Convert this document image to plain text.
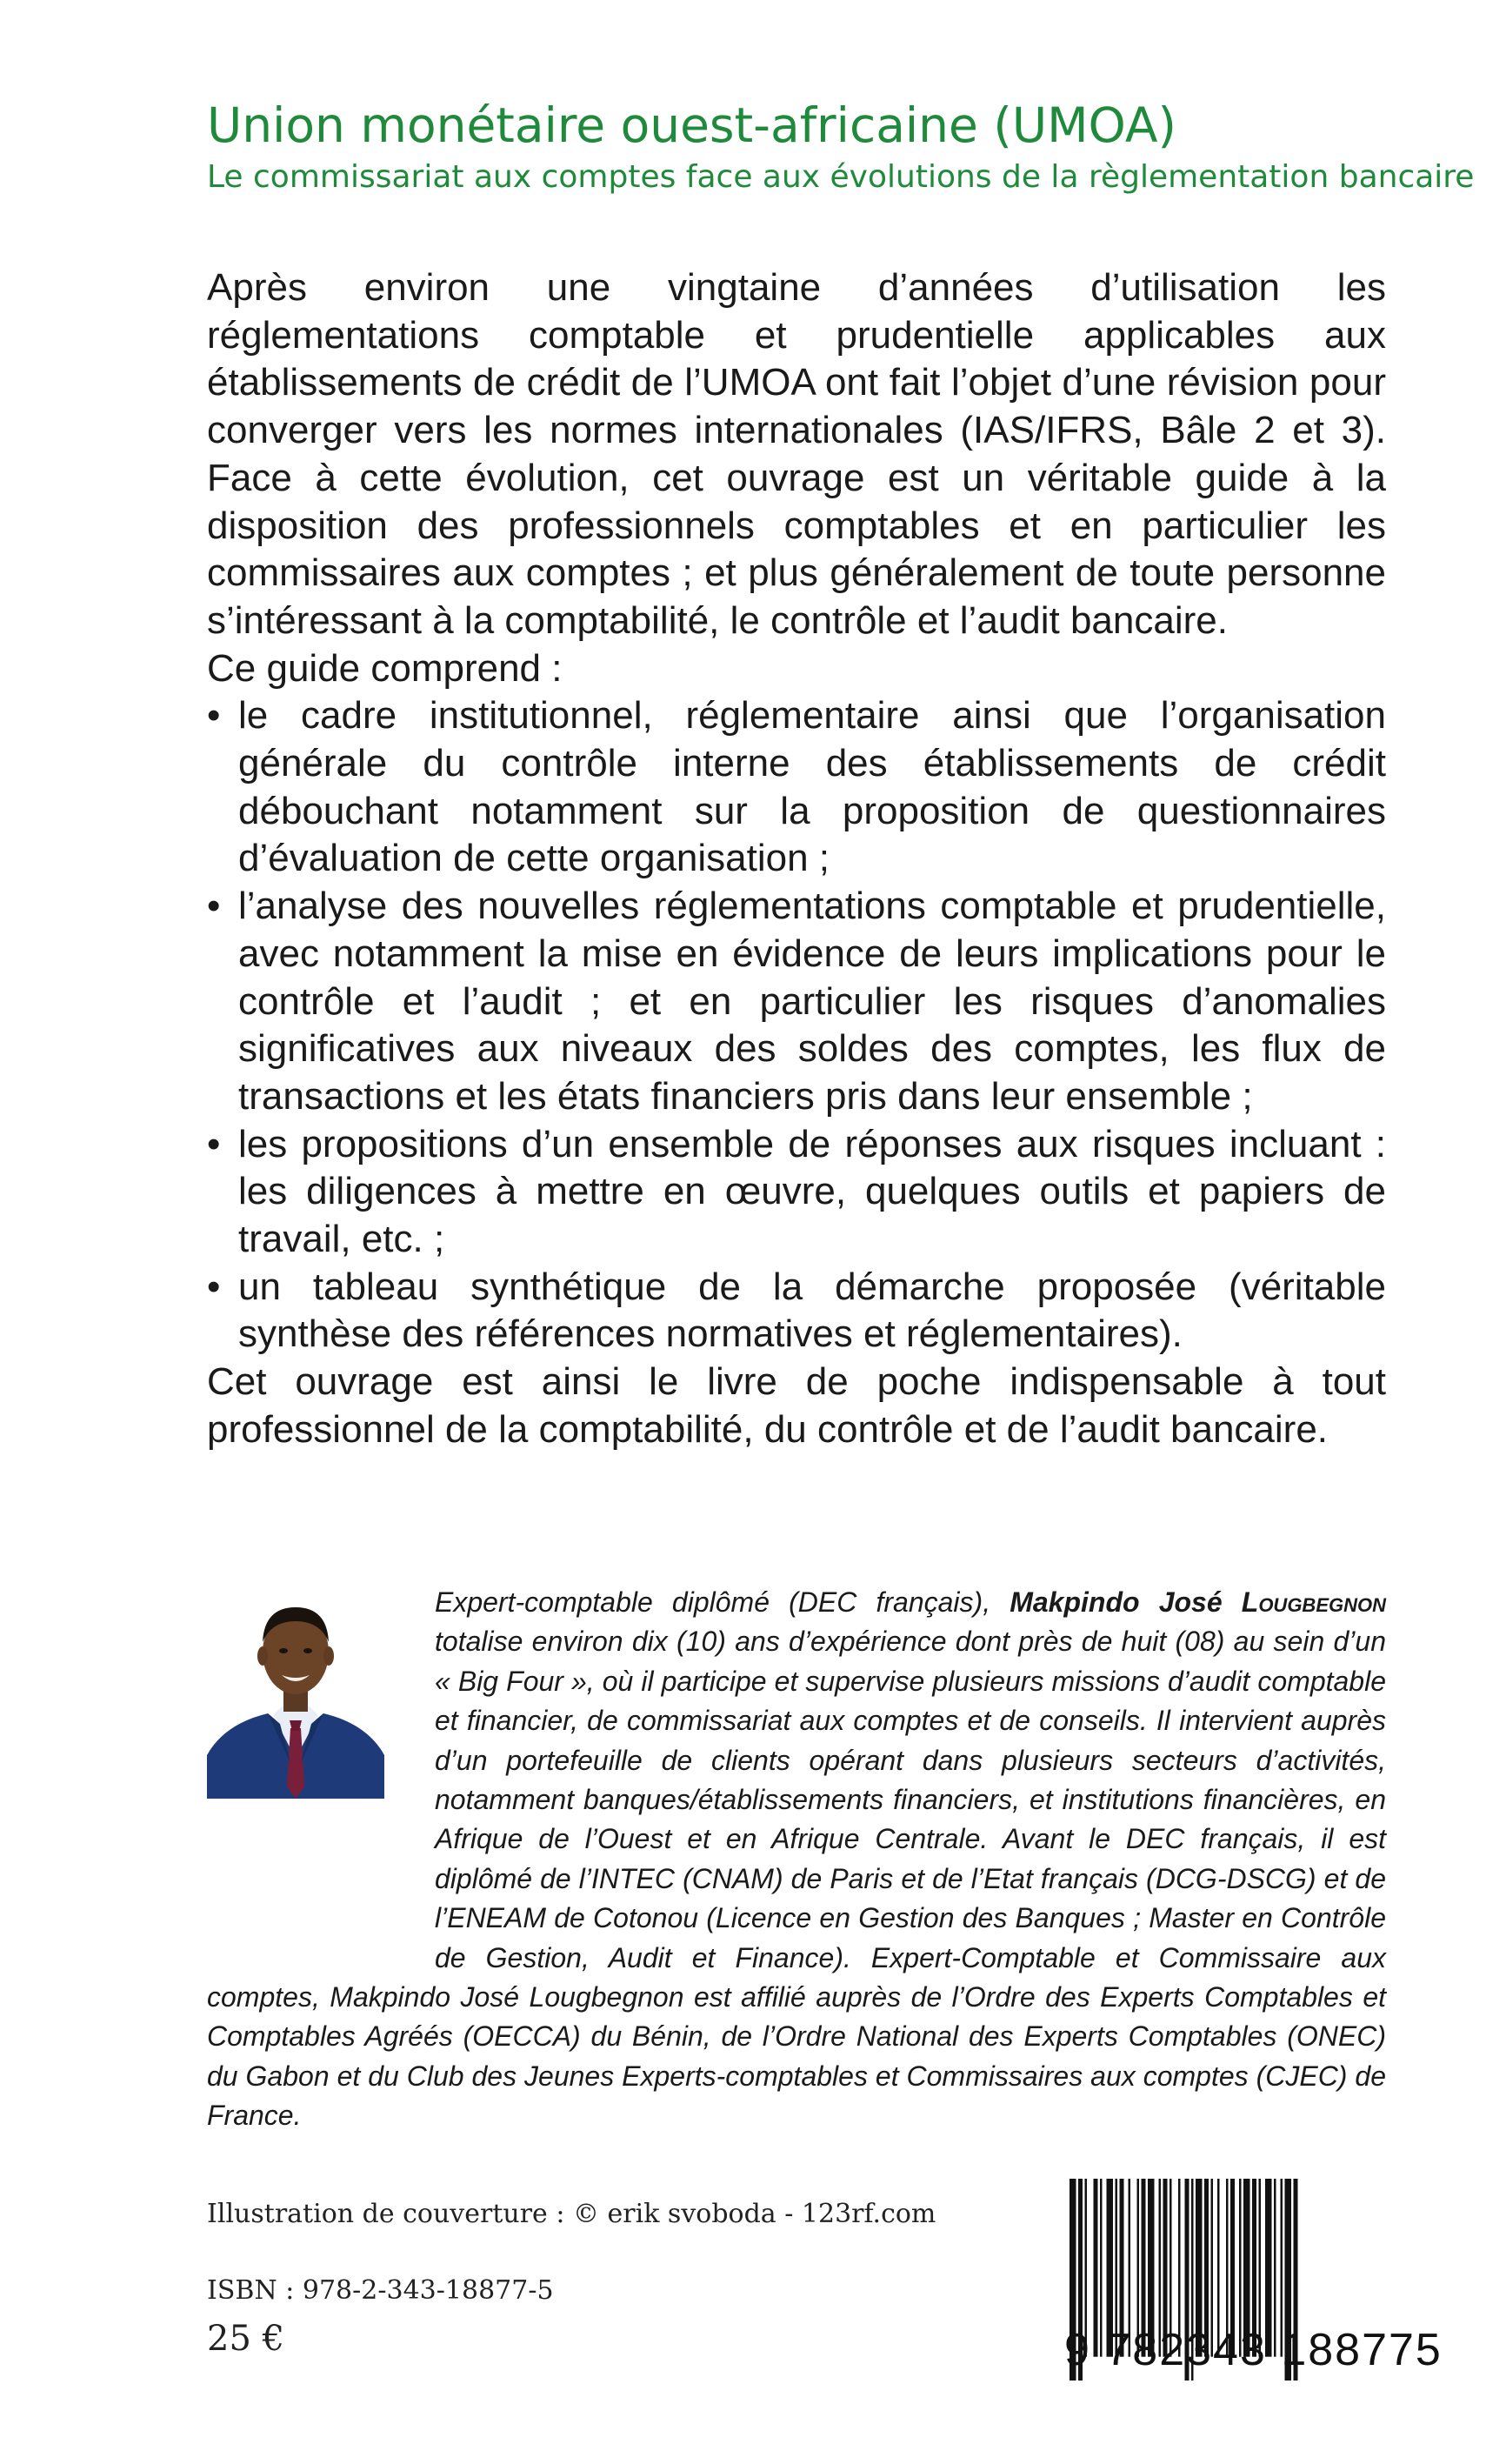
Union monétaire ouest-africaine (UMOA)
Le commissariat aux comptes face aux évolutions de la règlementation bancaire

Après environ une vingtaine d’années d’utilisation les réglementations comptable et prudentielle applicables aux établissements de crédit de l’UMOA ont fait l’objet d’une révision pour converger vers les normes internationales (IAS/IFRS, Bâle 2 et 3). Face à cette évolution, cet ouvrage est un véritable guide à la disposition des professionnels comptables et en particulier les commissaires aux comptes ; et plus généralement de toute personne s’intéressant à la comptabilité, le contrôle et l’audit bancaire.

Ce guide comprend :

• le cadre institutionnel, réglementaire ainsi que l’organisation générale du contrôle interne des établissements de crédit débouchant notamment sur la proposition de questionnaires d’évaluation de cette organisation ;
• l’analyse des nouvelles réglementations comptable et prudentielle, avec notamment la mise en évidence de leurs implications pour le contrôle et l’audit ; et en particulier les risques d’anomalies significatives aux niveaux des soldes des comptes, les flux de transactions et les états financiers pris dans leur ensemble ;
• les propositions d’un ensemble de réponses aux risques incluant : les diligences à mettre en œuvre, quelques outils et papiers de travail, etc. ;
• un tableau synthétique de la démarche proposée (véritable synthèse des références normatives et réglementaires).

Cet ouvrage est ainsi le livre de poche indispensable à tout professionnel de la comptabilité, du contrôle et de l’audit bancaire.

Expert-comptable diplômé (DEC français), Makpindo José Lougbegnon totalise environ dix (10) ans d’expérience dont près de huit (08) au sein d’un « Big Four », où il participe et supervise plusieurs missions d’audit comptable et financier, de commissariat aux comptes et de conseils. Il intervient auprès d’un portefeuille de clients opérant dans plusieurs secteurs d’activités, notamment banques/établissements financiers, et institutions financières, en Afrique de l’Ouest et en Afrique Centrale. Avant le DEC français, il est diplômé de l’INTEC (CNAM) de Paris et de l’Etat français (DCG-DSCG) et de l’ENEAM de Cotonou (Licence en Gestion des Banques ; Master en Contrôle de Gestion, Audit et Finance). Expert-Comptable et Commissaire aux comptes, Makpindo José Lougbegnon est affilié auprès de l’Ordre des Experts Comptables et Comptables Agréés (OECCA) du Bénin, de l’Ordre National des Experts Comptables (ONEC) du Gabon et du Club des Jeunes Experts-comptables et Commissaires aux comptes (CJEC) de France.

Illustration de couverture : © erik svoboda - 123rf.com
ISBN : 978-2-343-18877-5
25 €	9 782343 188775
